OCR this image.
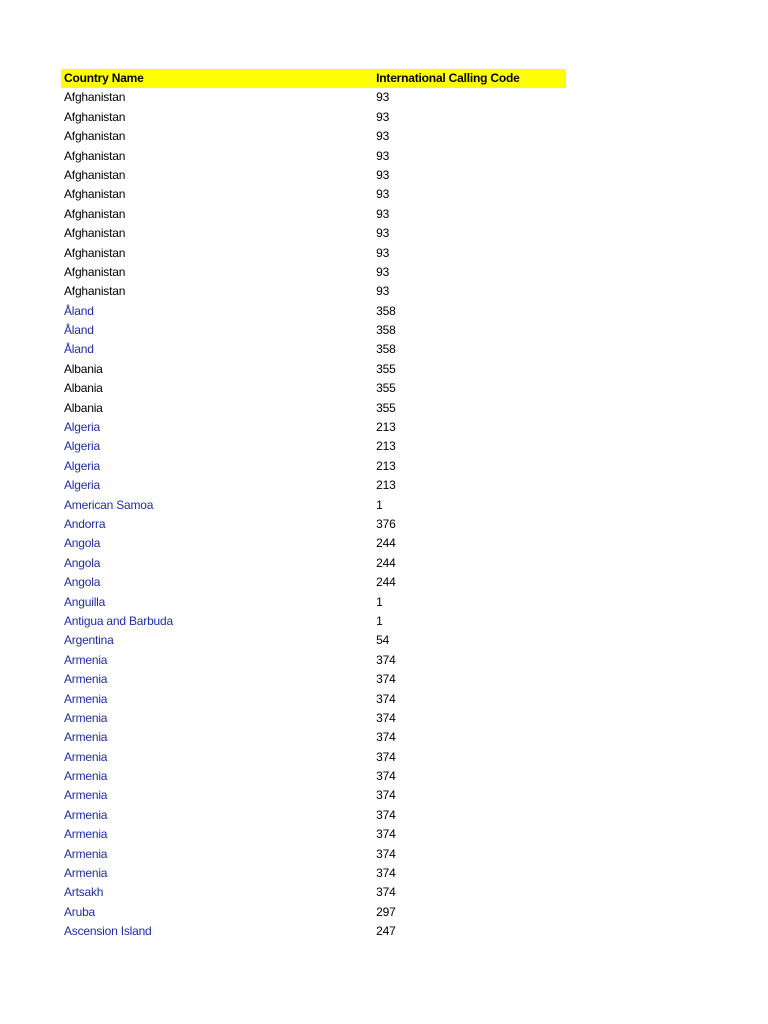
Country Name	International Calling Code
Afghanistan	93
Afghanistan	93
Afghanistan	93
Afghanistan	93
Afghanistan	93
Afghanistan	93
Afghanistan	93
Afghanistan	93
Afghanistan	93
Afghanistan	93
Afghanistan	93
Åland	358
Åland	358
Åland	358
Albania	355
Albania	355
Albania	355
Algeria	213
Algeria	213
Algeria	213
Algeria	213
American Samoa	1
Andorra	376
Angola	244
Angola	244
Angola	244
Anguilla	1
Antigua and Barbuda	1
Argentina	54
Armenia	374
Armenia	374
Armenia	374
Armenia	374
Armenia	374
Armenia	374
Armenia	374
Armenia	374
Armenia	374
Armenia	374
Armenia	374
Armenia	374
Artsakh	374
Aruba	297
Ascension Island	247
